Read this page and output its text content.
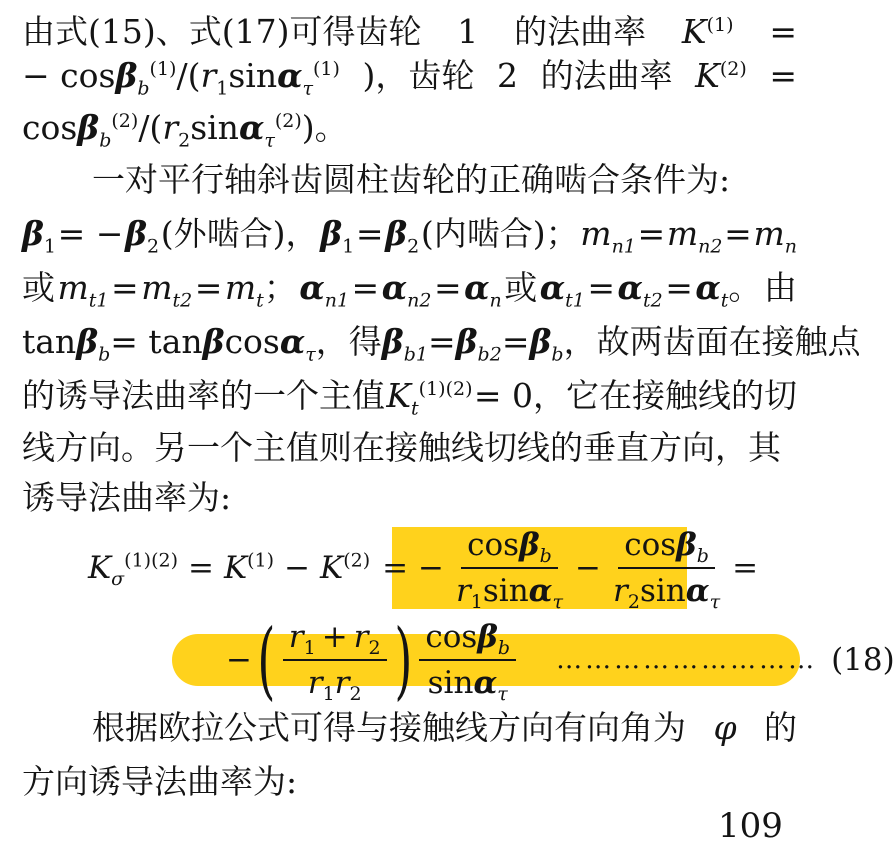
由式(15)、式(17)可得齿轮 1 的法曲率 $K^{(1)}$ =
− $\cos\beta_b^{(1)}/(r_1\sin\alpha_\tau^{(1)}$ )，齿轮 2 的法曲率 $K^{(2)}$ =
$\cos\beta_b^{(2)}/(r_2\sin\alpha_\tau^{(2)})$。
一对平行轴斜齿圆柱齿轮的正确啮合条件为:
$\beta_1$ = − $\beta_2$ (外啮合)， $\beta_1 = \beta_2$ (内啮合)； $m_{n1} = m_{n2} = m_n$
或 $m_{t1} = m_{t2} = m_t$； $\alpha_{n1} = \alpha_{n2} = \alpha_n$ 或 $\alpha_{t1} = \alpha_{t2} = \alpha_t$。 由
tanβ$_b$ = tanβcosα$_\tau$ ，得 $\beta_{b1}=\beta_{b2}=\beta_b$ ，故两齿面在接触点
的诱导法曲率的一个主值 $K_t^{(1)(2)} = 0$，它在接触线的切
线方向。另一个主值则在接触线切线的垂直方向，其
诱导法曲率为:
$K_\sigma^{(1)(2)} = K^{(1)} - K^{(2)}$ = − $\frac{\cos\beta_b}{r_1\sin\alpha_\tau} - \frac{\cos\beta_b}{r_2\sin\alpha_\tau}$ =
− ( $\frac{r_1 + r_2}{r_1r_2}$ ) $\frac{\cos\beta_b}{\sin\alpha_\tau}$ ……………………… (18)
根据欧拉公式可得与接触线方向有向角为 φ 的
方向诱导法曲率为:
109
